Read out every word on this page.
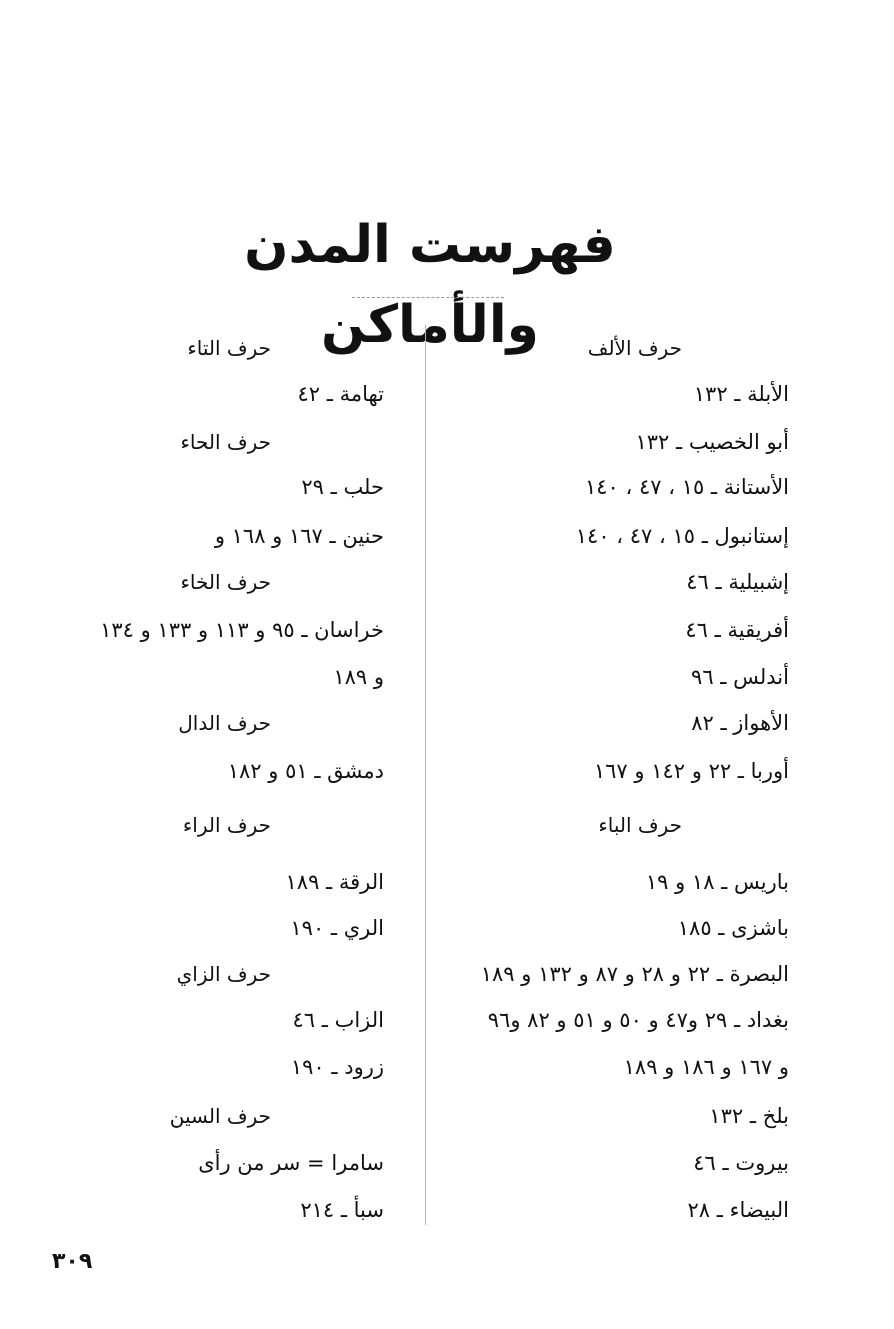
فهرست المدن والأماكن	حرف الألف
الأبلة ـ ١٣٢
أبو الخصيب ـ ١٣٢
الأستانة ـ ١٥ ، ٤٧ ، ١٤٠
إستانبول ـ ١٥ ، ٤٧ ، ١٤٠
إشبيلية ـ ٤٦
أفريقية ـ ٤٦
أندلس ـ ٩٦
الأهواز ـ ٨٢
أوربا ـ ٢٢ و ١٤٢ و ١٦٧
حرف الباء
باريس ـ ١٨ و ١٩
باشزى ـ ١٨٥
البصرة ـ ٢٢ و ٢٨ و ٨٧ و ١٣٢ و ١٨٩
بغداد ـ ٢٩ و٤٧ و ٥٠ و ٥١ و ٨٢ و٩٦
و ١٦٧ و ١٨٦ و ١٨٩
بلخ ـ ١٣٢
بيروت ـ ٤٦
البيضاء ـ ٢٨
حرف التاء
تهامة ـ ٤٢
حرف الحاء
حلب ـ ٢٩
حنين ـ ١٦٧ و ١٦٨ و
حرف الخاء
خراسان ـ ٩٥ و ١١٣ و ١٣٣ و ١٣٤
و ١٨٩
حرف الدال
دمشق ـ ٥١ و ١٨٢
حرف الراء
الرقة ـ ١٨٩
الري ـ ١٩٠
حرف الزاي
الزاب ـ ٤٦
زرود ـ ١٩٠
حرف السين
سامرا = سر من رأى
سبأ ـ ٢١٤
٣٠٩
